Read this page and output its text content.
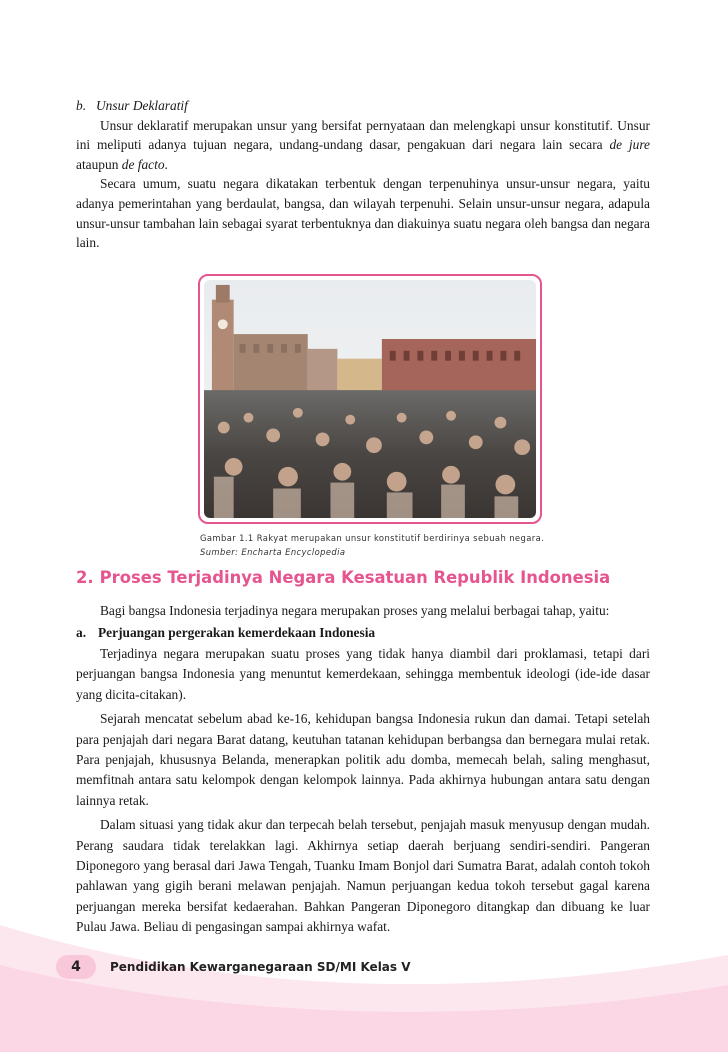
b. Unsur Deklaratif

Unsur deklaratif merupakan unsur yang bersifat pernyataan dan melengkapi unsur konstitutif. Unsur ini meliputi adanya tujuan negara, undang-undang dasar, pengakuan dari negara lain secara de jure ataupun de facto.

Secara umum, suatu negara dikatakan terbentuk dengan terpenuhinya unsur-unsur negara, yaitu adanya pemerintahan yang berdaulat, bangsa, dan wilayah terpenuhi. Selain unsur-unsur negara, adapula unsur-unsur tambahan lain sebagai syarat terbentuknya dan diakuinya suatu negara oleh bangsa dan negara lain.

Gambar 1.1 Rakyat merupakan unsur konstitutif berdirinya sebuah negara.
Sumber: Encharta Encyclopedia
2. Proses Terjadinya Negara Kesatuan Republik Indonesia

Bagi bangsa Indonesia terjadinya negara merupakan proses yang melalui berbagai tahap, yaitu:

a. Perjuangan pergerakan kemerdekaan Indonesia

Terjadinya negara merupakan suatu proses yang tidak hanya diambil dari proklamasi, tetapi dari perjuangan bangsa Indonesia yang menuntut kemerdekaan, sehingga membentuk ideologi (ide-ide dasar yang dicita-citakan).

Sejarah mencatat sebelum abad ke-16, kehidupan bangsa Indonesia rukun dan damai. Tetapi setelah para penjajah dari negara Barat datang, keutuhan tatanan kehidupan berbangsa dan bernegara mulai retak. Para penjajah, khususnya Belanda, menerapkan politik adu domba, memecah belah, saling menghasut, memfitnah antara satu kelompok dengan kelompok lainnya. Pada akhirnya hubungan antara satu dengan lainnya retak.

Dalam situasi yang tidak akur dan terpecah belah tersebut, penjajah masuk menyusup dengan mudah. Perang saudara tidak terelakkan lagi. Akhirnya setiap daerah berjuang sendiri-sendiri. Pangeran Diponegoro yang berasal dari Jawa Tengah, Tuanku Imam Bonjol dari Sumatra Barat, adalah contoh tokoh pahlawan yang gigih berani melawan penjajah. Namun perjuangan kedua tokoh tersebut gagal karena perjuangan mereka bersifat kedaerahan. Bahkan Pangeran Diponegoro ditangkap dan dibuang ke luar Pulau Jawa. Beliau di pengasingan sampai akhirnya wafat.

4	Pendidikan Kewarganegaraan SD/MI Kelas V
